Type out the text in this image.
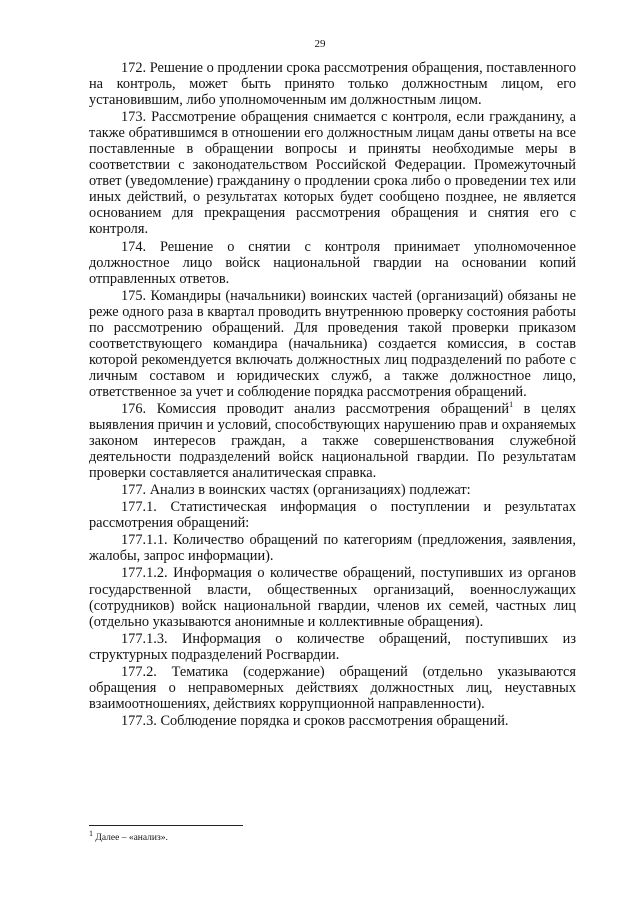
29

172. Решение о продлении срока рассмотрения обращения, поставленного на контроль, может быть принято только должностным лицом, его установившим, либо уполномоченным им должностным лицом.

173. Рассмотрение обращения снимается с контроля, если гражданину, а также обратившимся в отношении его должностным лицам даны ответы на все поставленные в обращении вопросы и приняты необходимые меры в соответствии с законодательством Российской Федерации. Промежуточный ответ (уведомление) гражданину о продлении срока либо о проведении тех или иных действий, о результатах которых будет сообщено позднее, не является основанием для прекращения рассмотрения обращения и снятия его с контроля.

174. Решение о снятии с контроля принимает уполномоченное должностное лицо войск национальной гвардии на основании копий отправленных ответов.

175. Командиры (начальники) воинских частей (организаций) обязаны не реже одного раза в квартал проводить внутреннюю проверку состояния работы по рассмотрению обращений. Для проведения такой проверки приказом соответствующего командира (начальника) создается комиссия, в состав которой рекомендуется включать должностных лиц подразделений по работе с личным составом и юридических служб, а также должностное лицо, ответственное за учет и соблюдение порядка рассмотрения обращений.

176. Комиссия проводит анализ рассмотрения обращений$^1$ в целях выявления причин и условий, способствующих нарушению прав и охраняемых законом интересов граждан, а также совершенствования служебной деятельности подразделений войск национальной гвардии. По результатам проверки составляется аналитическая справка.

177. Анализ в воинских частях (организациях) подлежат:

177.1. Статистическая информация о поступлении и результатах рассмотрения обращений:

177.1.1. Количество обращений по категориям (предложения, заявления, жалобы, запрос информации).

177.1.2. Информация о количестве обращений, поступивших из органов государственной власти, общественных организаций, военнослужащих (сотрудников) войск национальной гвардии, членов их семей, частных лиц (отдельно указываются анонимные и коллективные обращения).

177.1.3. Информация о количестве обращений, поступивших из структурных подразделений Росгвардии.

177.2. Тематика (содержание) обращений (отдельно указываются обращения о неправомерных действиях должностных лиц, неуставных взаимоотношениях, действиях коррупционной направленности).

177.3. Соблюдение порядка и сроков рассмотрения обращений.

$^1$ Далее – «анализ».
